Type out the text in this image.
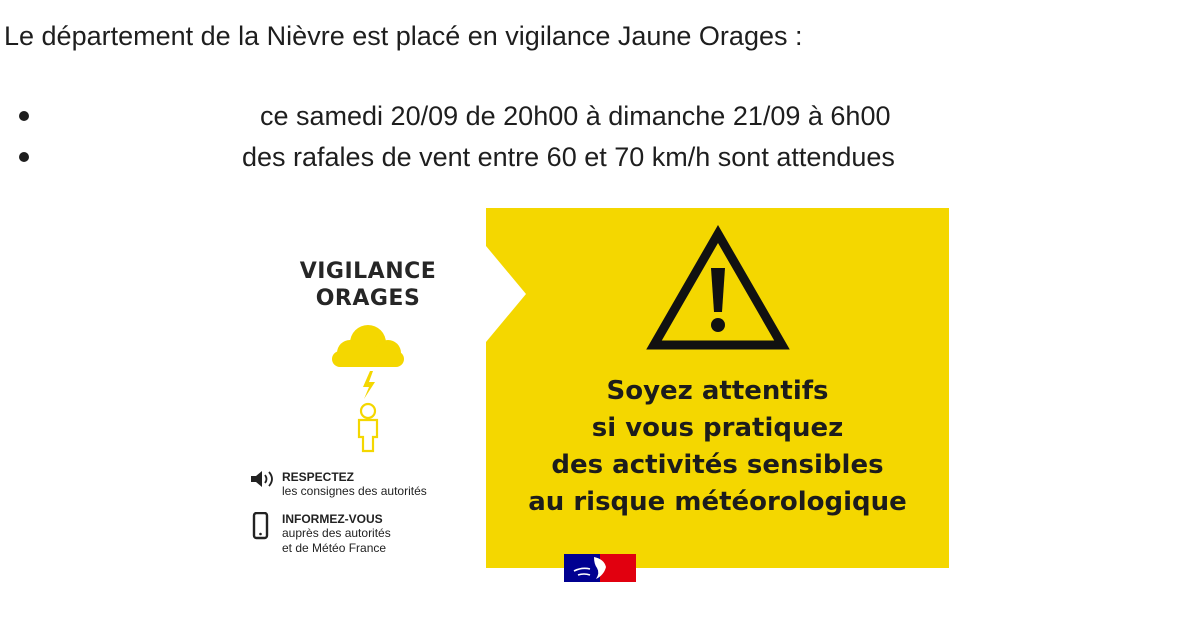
Le département de la Nièvre est placé en vigilance Jaune Orages :
ce samedi 20/09 de 20h00 à dimanche 21/09 à 6h00
des rafales de vent entre 60 et 70 km/h sont attendues
VIGILANCE
ORAGES
RESPECTEZ
les consignes des autorités
INFORMEZ-VOUS
auprès des autorités
et de Météo France
Soyez attentifs
si vous pratiquez
des activités sensibles
au risque météorologique
